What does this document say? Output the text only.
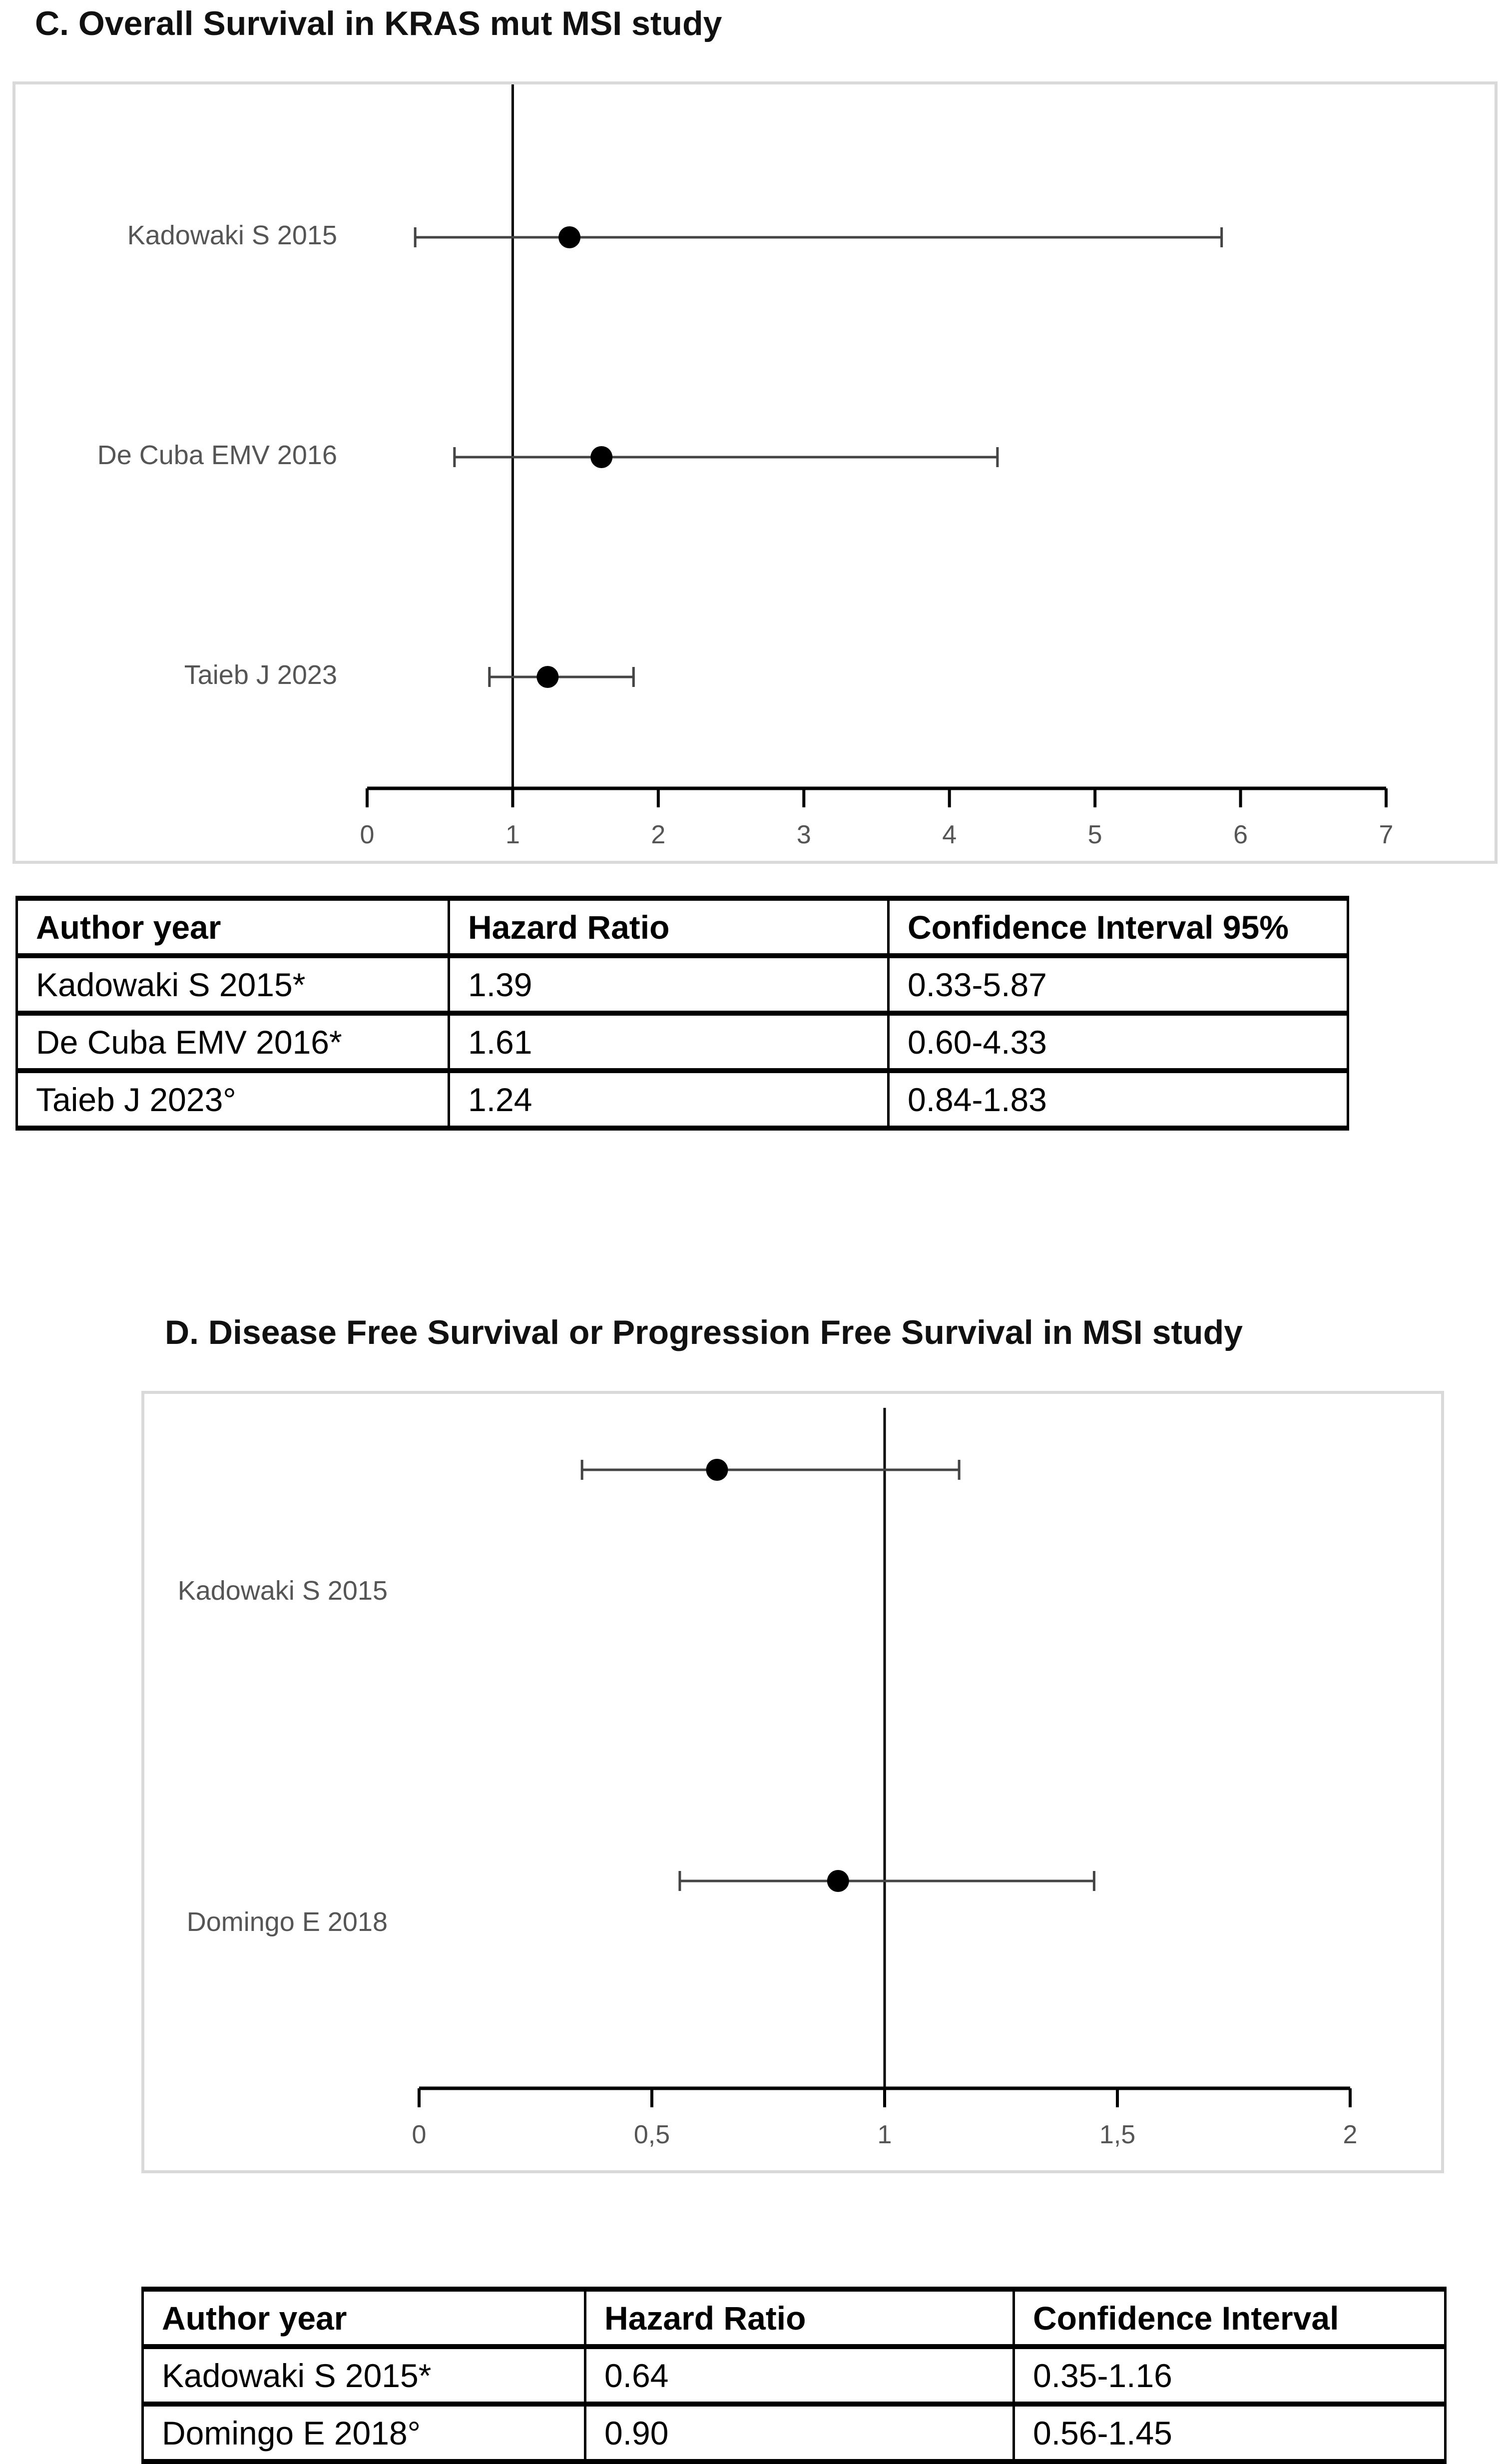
C. Overall Survival in KRAS mut MSI study
0	1	2	3	4	5	6	7
Kadowaki S 2015
De Cuba EMV 2016
Taieb J 2023
Author year	Hazard Ratio	Confidence Interval 95%
Kadowaki S 2015*	1.39	0.33-5.87
De Cuba EMV 2016*	1.61	0.60-4.33
Taieb J 2023°	1.24	0.84-1.83
D. Disease Free Survival or Progression Free Survival in MSI study
0	0,5	1	1,5	2
Kadowaki S 2015
Domingo E 2018
Author year	Hazard Ratio	Confidence Interval
Kadowaki S 2015*	0.64	0.35-1.16
Domingo E 2018°	0.90	0.56-1.45
